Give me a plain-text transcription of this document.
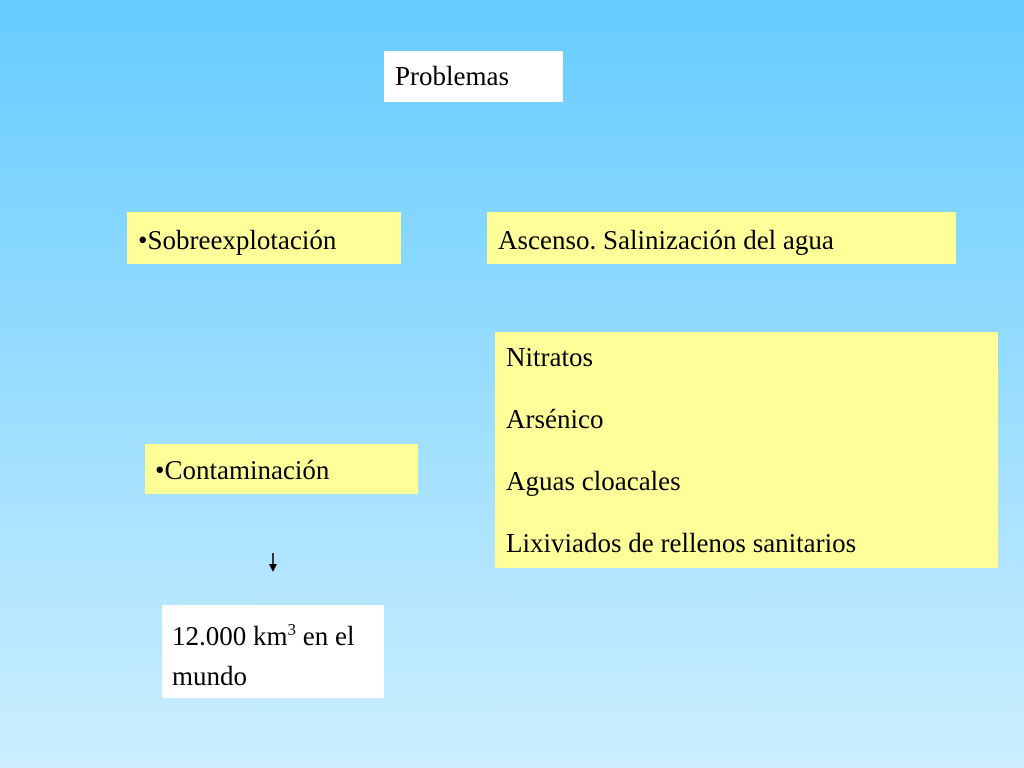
Problemas
•Sobreexplotación	Ascenso. Salinización del agua
Nitratos
Arsénico
Aguas cloacales
Lixiviados de rellenos sanitarios
•Contaminación
12.000 $km^3$ en el mundo
